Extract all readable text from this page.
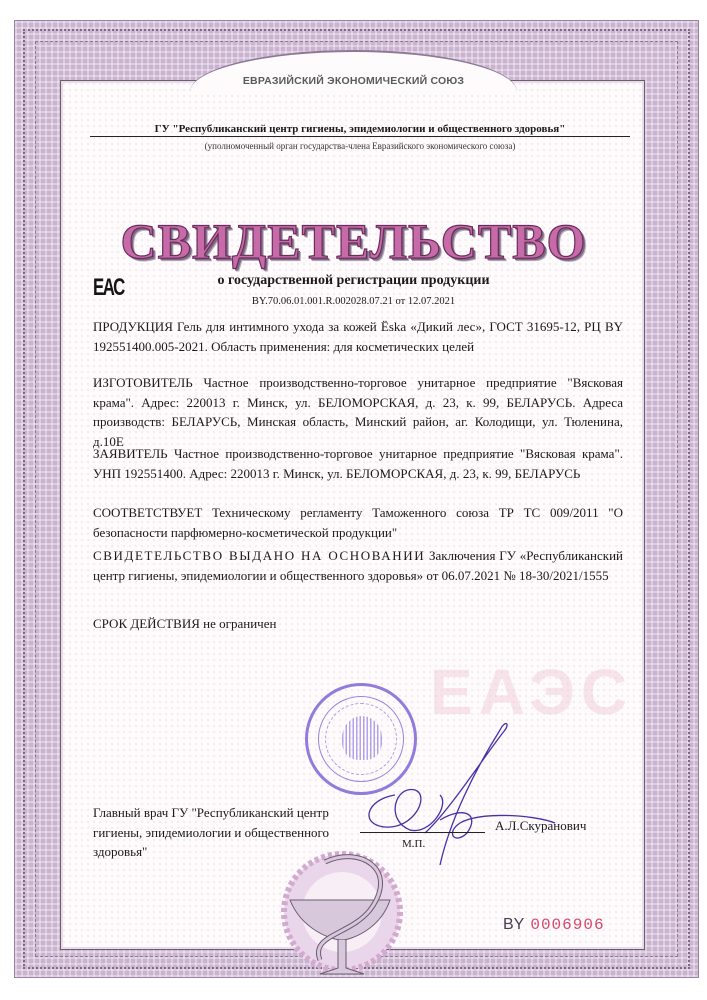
ЕВРАЗИЙСКИЙ ЭКОНОМИЧЕСКИЙ СОЮЗ
ГУ "Республиканский центр гигиены, эпидемиологии и общественного здоровья"
(уполномоченный орган государства-члена Евразийского экономического союза)
СВИДЕТЕЛЬСТВО
ЕАС	о государственной регистрации продукции
BY.70.06.01.001.R.002028.07.21 от 12.07.2021
ЕАЭС
ПРОДУКЦИЯ Гель для интимного ухода за кожей Ёska «Дикий лес», ГОСТ 31695-12, РЦ BY 192551400.005-2021. Область применения: для косметических целей
ИЗГОТОВИТЕЛЬ Частное производственно-торговое унитарное предприятие "Вясковая крама". Адрес: 220013 г. Минск, ул. БЕЛОМОРСКАЯ, д. 23, к. 99, БЕЛАРУСЬ. Адреса производств: БЕЛАРУСЬ, Минская область, Минский район, аг. Колодищи, ул. Тюленина, д.10Е
ЗАЯВИТЕЛЬ Частное производственно-торговое унитарное предприятие "Вясковая крама". УНП 192551400. Адрес: 220013 г. Минск, ул. БЕЛОМОРСКАЯ, д. 23, к. 99, БЕЛАРУСЬ
СООТВЕТСТВУЕТ Техническому регламенту Таможенного союза ТР ТС 009/2011 "О безопасности парфюмерно-косметической продукции"
СВИДЕТЕЛЬСТВО ВЫДАНО НА ОСНОВАНИИ Заключения ГУ «Республиканский центр гигиены, эпидемиологии и общественного здоровья» от 06.07.2021 № 18-30/2021/1555
СРОК ДЕЙСТВИЯ не ограничен
Главный врач ГУ "Республиканский центр гигиены, эпидемиологии и общественного здоровья"
А.Л.Скуранович
М.П.
BY 0006906
